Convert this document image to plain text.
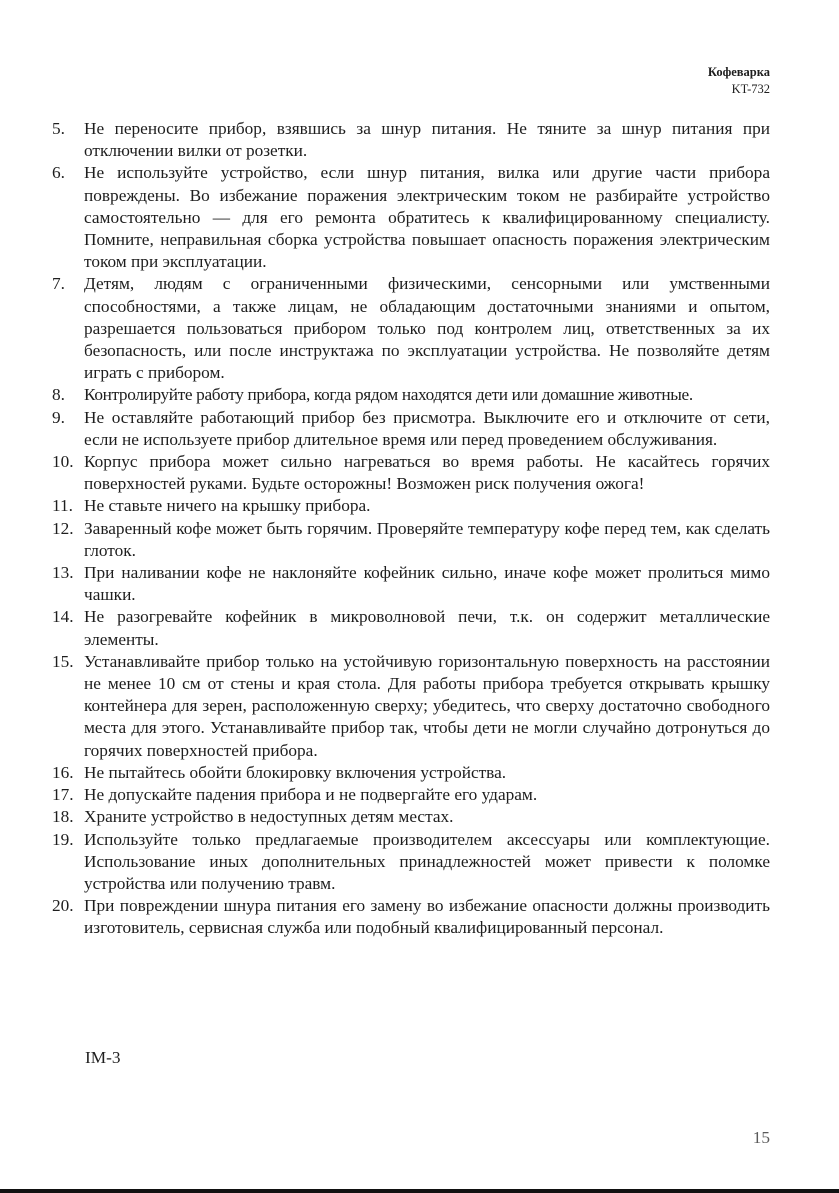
Кофеварка
KT-732
5.	Не переносите прибор, взявшись за шнур питания. Не тяните за шнур питания при отключении вилки от розетки.
6.	Не используйте устройство, если шнур питания, вилка или другие части прибора повреждены. Во избежание поражения электрическим током не разбирайте устройство самостоятельно — для его ремонта обратитесь к квалифицированному специалисту. Помните, неправильная сборка устройства повышает опасность поражения электрическим током при эксплуатации.
7.	Детям, людям с ограниченными физическими, сенсорными или умственными способностями, а также лицам, не обладающим достаточными знаниями и опытом, разрешается пользоваться прибором только под контролем лиц, ответственных за их безопасность, или после инструктажа по эксплуатации устройства. Не позволяйте детям играть с прибором.
8.	Контролируйте работу прибора, когда рядом находятся дети или домашние животные.
9.	Не оставляйте работающий прибор без присмотра. Выключите его и отключите от сети, если не используете прибор длительное время или перед проведением обслуживания.
10. Корпус прибора может сильно нагреваться во время работы. Не касайтесь горячих поверхностей руками. Будьте осторожны! Возможен риск получения ожога!
11. Не ставьте ничего на крышку прибора.
12. Заваренный кофе может быть горячим. Проверяйте температуру кофе перед тем, как сделать глоток.
13. При наливании кофе не наклоняйте кофейник сильно, иначе кофе может пролиться мимо чашки.
14. Не разогревайте кофейник в микроволновой печи, т.к. он содержит металлические элементы.
15. Устанавливайте прибор только на устойчивую горизонтальную поверхность на расстоянии не менее 10 см от стены и края стола. Для работы прибора требуется открывать крышку контейнера для зерен, расположенную сверху; убедитесь, что сверху достаточно свободного места для этого. Устанавливайте прибор так, чтобы дети не могли случайно дотронуться до горячих поверхностей прибора.
16. Не пытайтесь обойти блокировку включения устройства.
17. Не допускайте падения прибора и не подвергайте его ударам.
18. Храните устройство в недоступных детям местах.
19. Используйте только предлагаемые производителем аксессуары или комплектующие. Использование иных дополнительных принадлежностей может привести к поломке устройства или получению травм.
20. При повреждении шнура питания его замену во избежание опасности должны производить изготовитель, сервисная служба или подобный квалифицированный персонал.
IM-3
15
